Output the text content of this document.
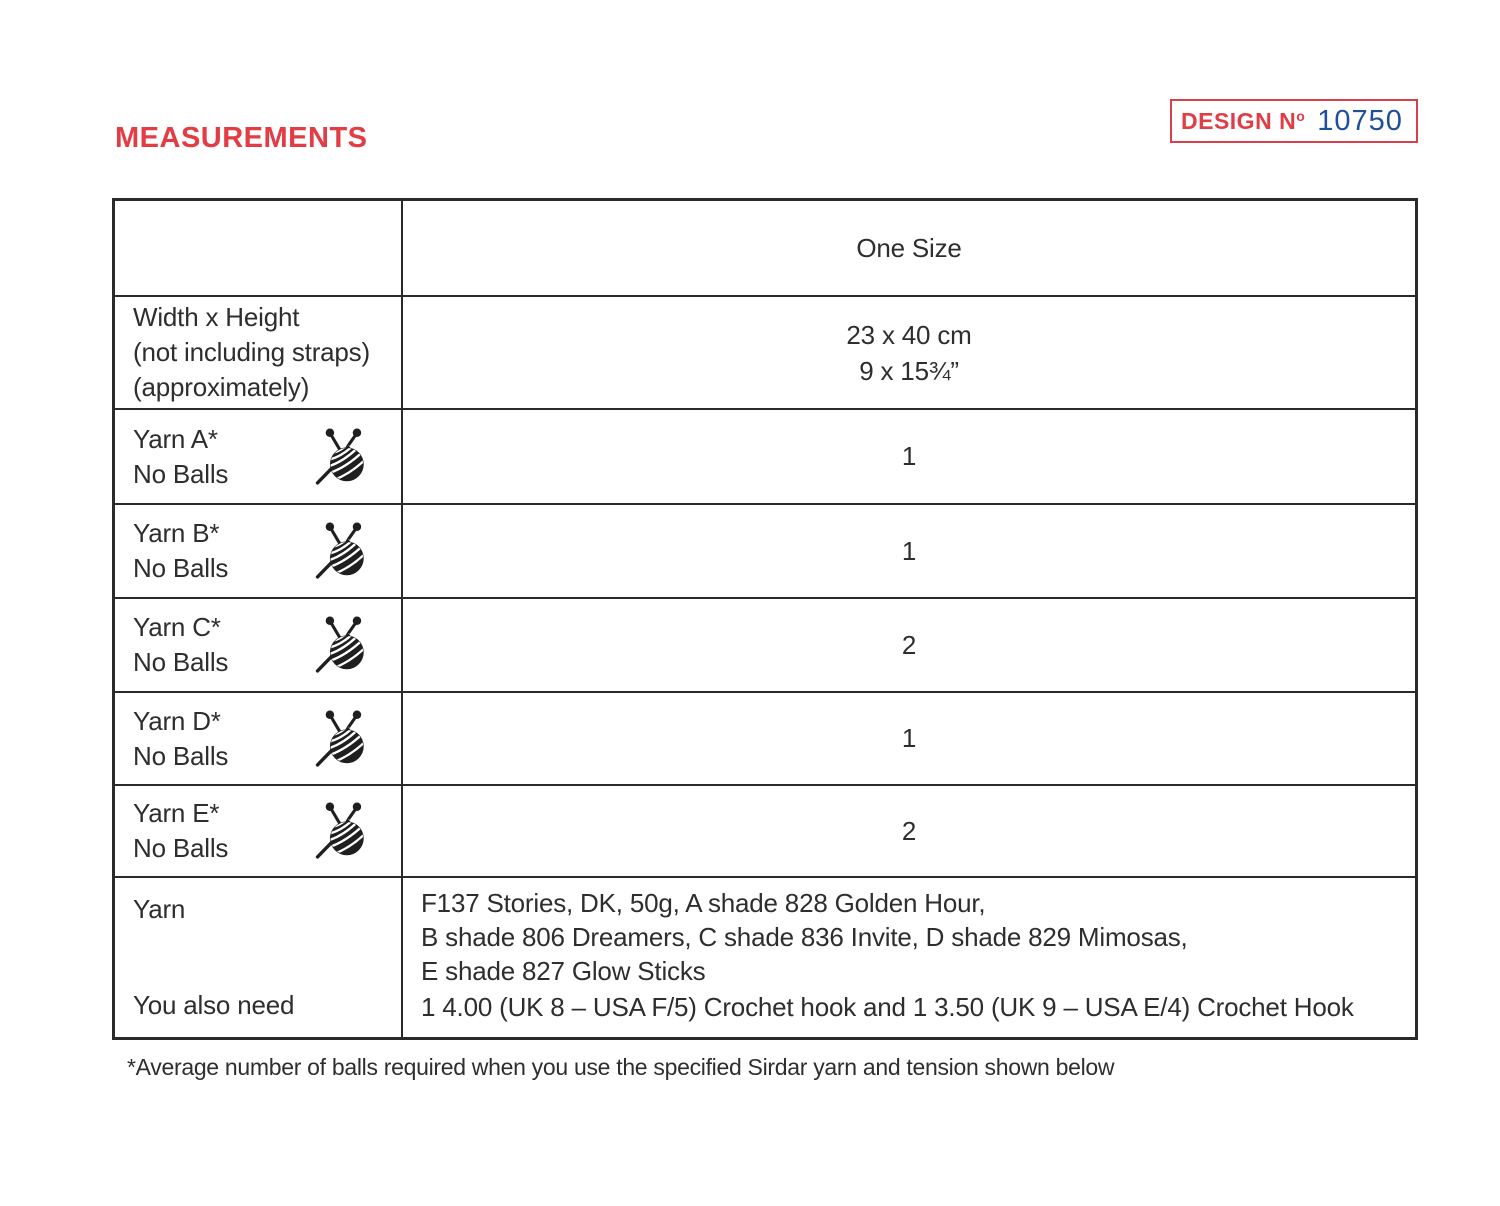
MEASUREMENTS
DESIGN $N^o$ 10750
One Size
Width x Height
(not including straps)
(approximately)
23 x 40 cm
9 x 15¾”
Yarn A*
No Balls
1
Yarn B*
No Balls
1
Yarn C*
No Balls
2
Yarn D*
No Balls
1
Yarn E*
No Balls
2
Yarn
You also need
F137 Stories, DK, 50g, A shade 828 Golden Hour,
B shade 806 Dreamers, C shade 836 Invite, D shade 829 Mimosas,
E shade 827 Glow Sticks
1 4.00 (UK 8 – USA F/5) Crochet hook and 1 3.50 (UK 9 – USA E/4) Crochet Hook
*Average number of balls required when you use the specified Sirdar yarn and tension shown below
